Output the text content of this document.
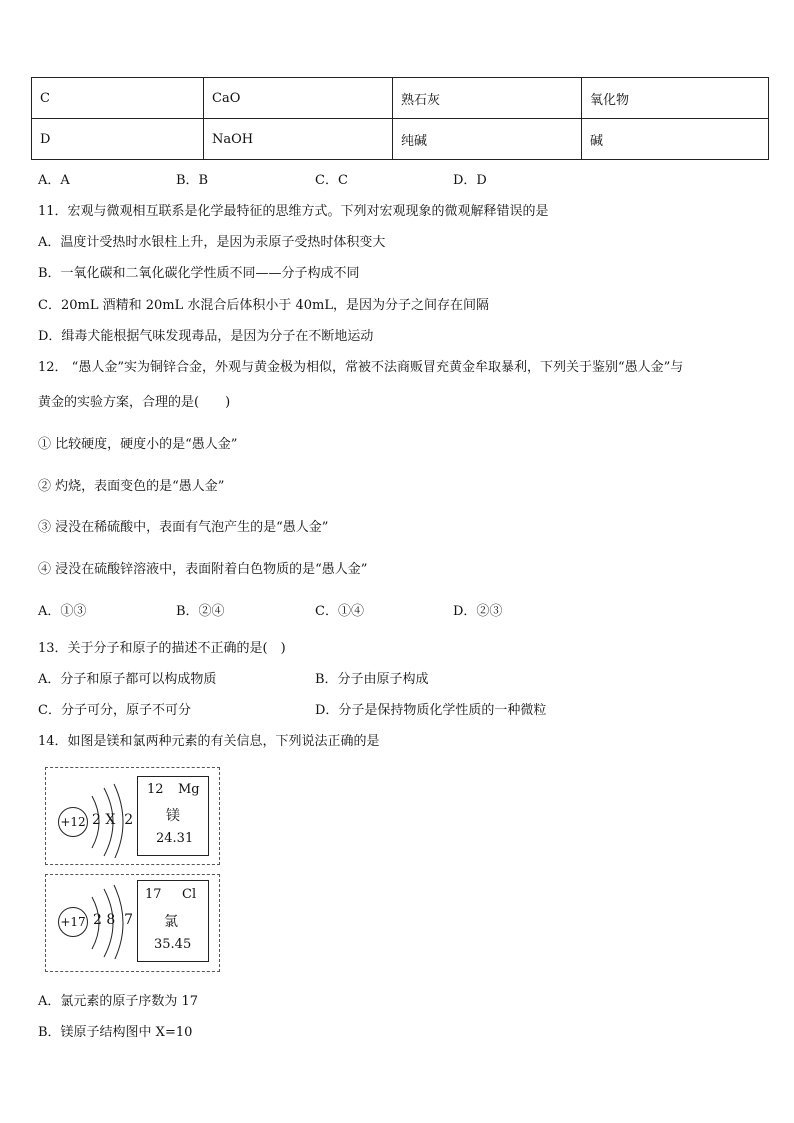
C	CaO	熟石灰	氧化物
D	NaOH	纯碱	碱
A．A	B．B	C．C	D．D
11．宏观与微观相互联系是化学最特征的思维方式。下列对宏观现象的微观解释错误的是
A．温度计受热时水银柱上升，是因为汞原子受热时体积变大
B．一氧化碳和二氧化碳化学性质不同——分子构成不同
C．20mL 酒精和 20mL 水混合后体积小于 40mL，是因为分子之间存在间隔
D．缉毒犬能根据气味发现毒品，是因为分子在不断地运动
12． “愚人金”实为铜锌合金，外观与黄金极为相似，常被不法商贩冒充黄金牟取暴利，下列关于鉴别“愚人金”与
黄金的实验方案，合理的是(　　)
① 比较硬度，硬度小的是“愚人金”
② 灼烧，表面变色的是“愚人金”
③ 浸没在稀硫酸中，表面有气泡产生的是“愚人金”
④ 浸没在硫酸锌溶液中，表面附着白色物质的是“愚人金”
A．①③	B．②④	C．①④	D．②③
13．关于分子和原子的描述不正确的是(　)
A．分子和原子都可以构成物质	B．分子由原子构成
C．分子可分，原子不可分	D．分子是保持物质化学性质的一种微粒
14．如图是镁和氯两种元素的有关信息，下列说法正确的是
+12 2 X  2
12 Mg
镁
24.31
+17 2 8  7
17 Cl
氯
35.45
A．氯元素的原子序数为 17
B．镁原子结构图中 X=10
